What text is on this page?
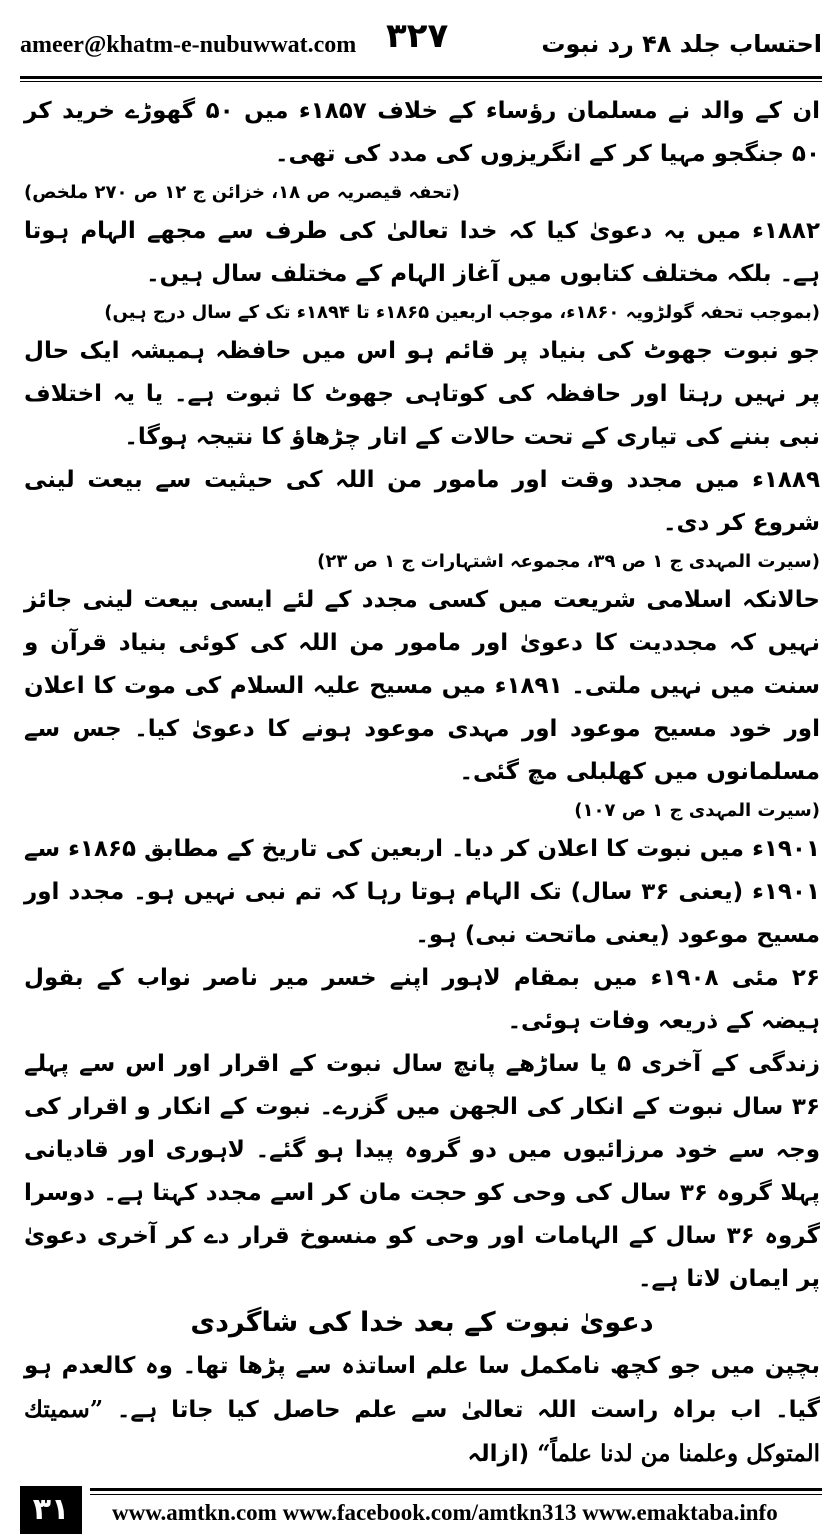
ameer@khatm-e-nubuwwat.com ۳۲۷	احتساب جلد ۴۸ رد نبوت

ان کے والد نے مسلمان رؤساء کے خلاف ۱۸۵۷ء میں ۵۰ گھوڑے خرید کر ۵۰ جنگجو مہیا کر کے انگریزوں کی مدد کی تھی۔

(تحفہ قیصریہ ص ۱۸، خزائن ج ۱۲ ص ۲۷۰ ملخص)

۱۸۸۲ء میں یہ دعویٰ کیا کہ خدا تعالیٰ کی طرف سے مجھے الہام ہوتا ہے۔ بلکہ مختلف کتابوں میں آغاز الہام کے مختلف سال ہیں۔

(بموجب تحفہ گولڑویہ ۱۸۶۰ء، موجب اربعین ۱۸۶۵ء تا ۱۸۹۴ء تک کے سال درج ہیں)

جو نبوت جھوٹ کی بنیاد پر قائم ہو اس میں حافظہ ہمیشہ ایک حال پر نہیں رہتا اور حافظہ کی کوتاہی جھوٹ کا ثبوت ہے۔ یا یہ اختلاف نبی بننے کی تیاری کے تحت حالات کے اتار چڑھاؤ کا نتیجہ ہوگا۔

۱۸۸۹ء میں مجدد وقت اور مامور من اللہ کی حیثیت سے بیعت لینی شروع کر دی۔

(سیرت المہدی ج ۱ ص ۳۹، مجموعہ اشتہارات ج ۱ ص ۲۳)

حالانکہ اسلامی شریعت میں کسی مجدد کے لئے ایسی بیعت لینی جائز نہیں کہ مجددیت کا دعویٰ اور مامور من اللہ کی کوئی بنیاد قرآن و سنت میں نہیں ملتی۔ ۱۸۹۱ء میں مسیح علیہ السلام کی موت کا اعلان اور خود مسیح موعود اور مہدی موعود ہونے کا دعویٰ کیا۔ جس سے مسلمانوں میں کھلبلی مچ گئی۔

(سیرت المہدی ج ۱ ص ۱۰۷)

۱۹۰۱ء میں نبوت کا اعلان کر دیا۔ اربعین کی تاریخ کے مطابق ۱۸۶۵ء سے ۱۹۰۱ء (یعنی ۳۶ سال) تک الہام ہوتا رہا کہ تم نبی نہیں ہو۔ مجدد اور مسیح موعود (یعنی ماتحت نبی) ہو۔

۲۶ مئی ۱۹۰۸ء میں بمقام لاہور اپنے خسر میر ناصر نواب کے بقول ہیضہ کے ذریعہ وفات ہوئی۔

زندگی کے آخری ۵ یا ساڑھے پانچ سال نبوت کے اقرار اور اس سے پہلے ۳۶ سال نبوت کے انکار کی الجھن میں گزرے۔ نبوت کے انکار و اقرار کی وجہ سے خود مرزائیوں میں دو گروہ پیدا ہو گئے۔ لاہوری اور قادیانی پہلا گروہ ۳۶ سال کی وحی کو حجت مان کر اسے مجدد کہتا ہے۔ دوسرا گروہ ۳۶ سال کے الہامات اور وحی کو منسوخ قرار دے کر آخری دعویٰ پر ایمان لاتا ہے۔

دعویٰ نبوت کے بعد خدا کی شاگردی

بچپن میں جو کچھ نامکمل سا علم اساتذہ سے پڑھا تھا۔ وہ کالعدم ہو گیا۔ اب براہ راست اللہ تعالیٰ سے علم حاصل کیا جاتا ہے۔ ”سمیتك المتوکل وعلمنا من لدنا علماً“ (ازالہ

۳۱	www.amtkn.com www.facebook.com/amtkn313 www.emaktaba.info
